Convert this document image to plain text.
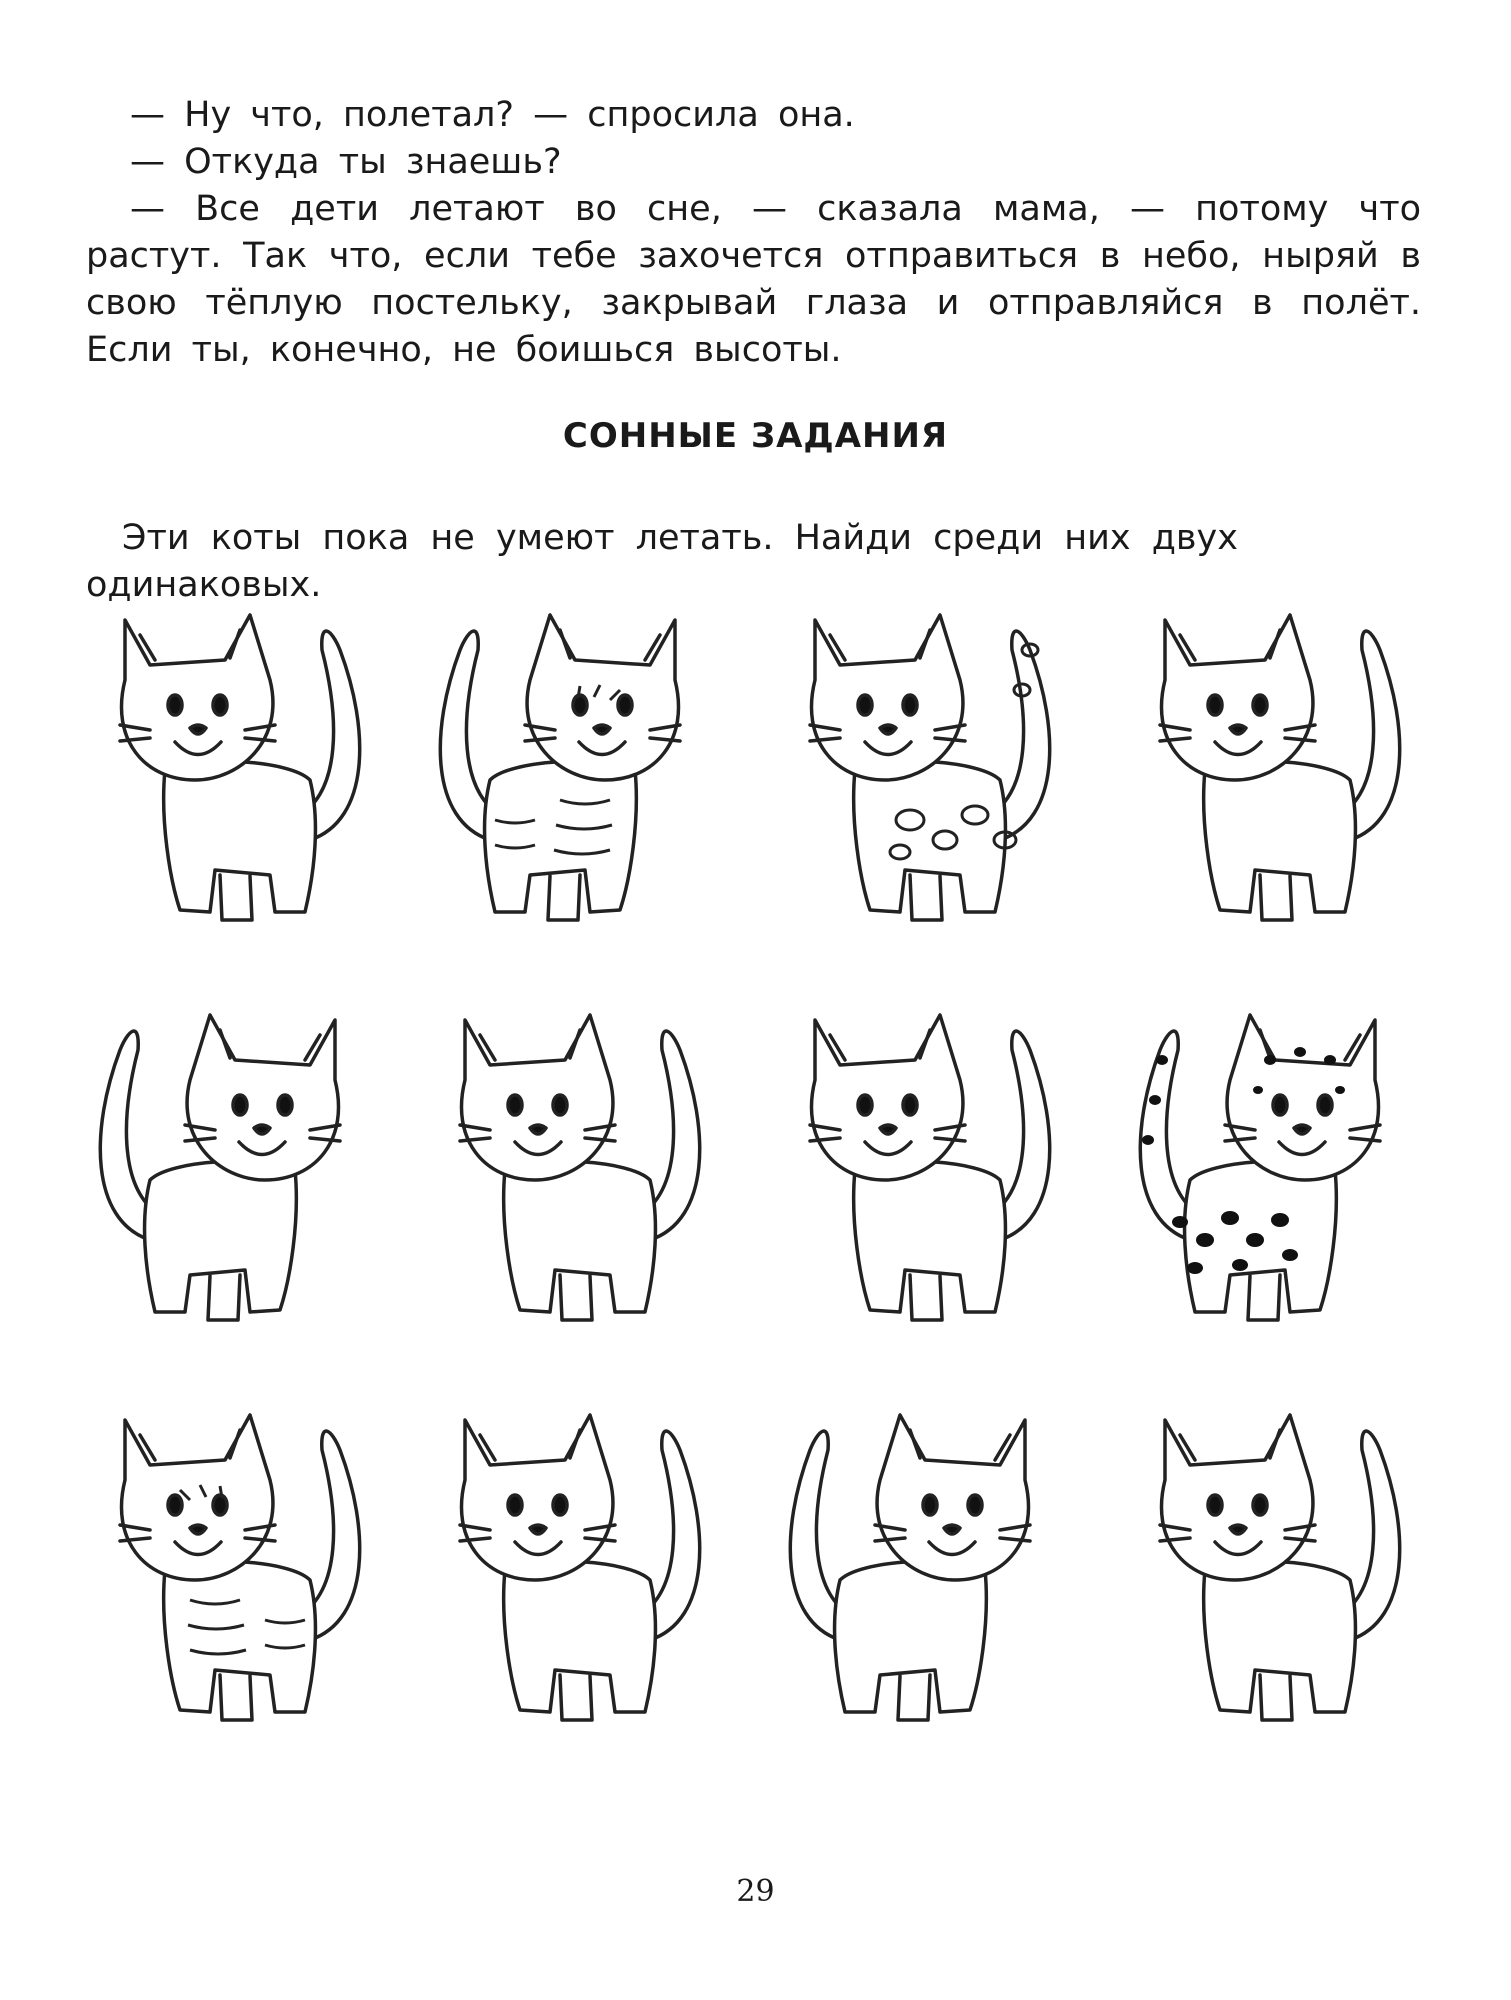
— Ну что, полетал? — спросила она.

— Откуда ты знаешь?

— Все дети летают во сне, — сказала мама, — потому что растут. Так что, если тебе захочется отправиться в небо, ныряй в свою тёплую постельку, закрывай глаза и отправляйся в полёт. Если ты, конечно, не боишься высоты.

СОННЫЕ ЗАДАНИЯ
Эти коты пока не умеют летать. Найди среди них двух одинаковых.
29
